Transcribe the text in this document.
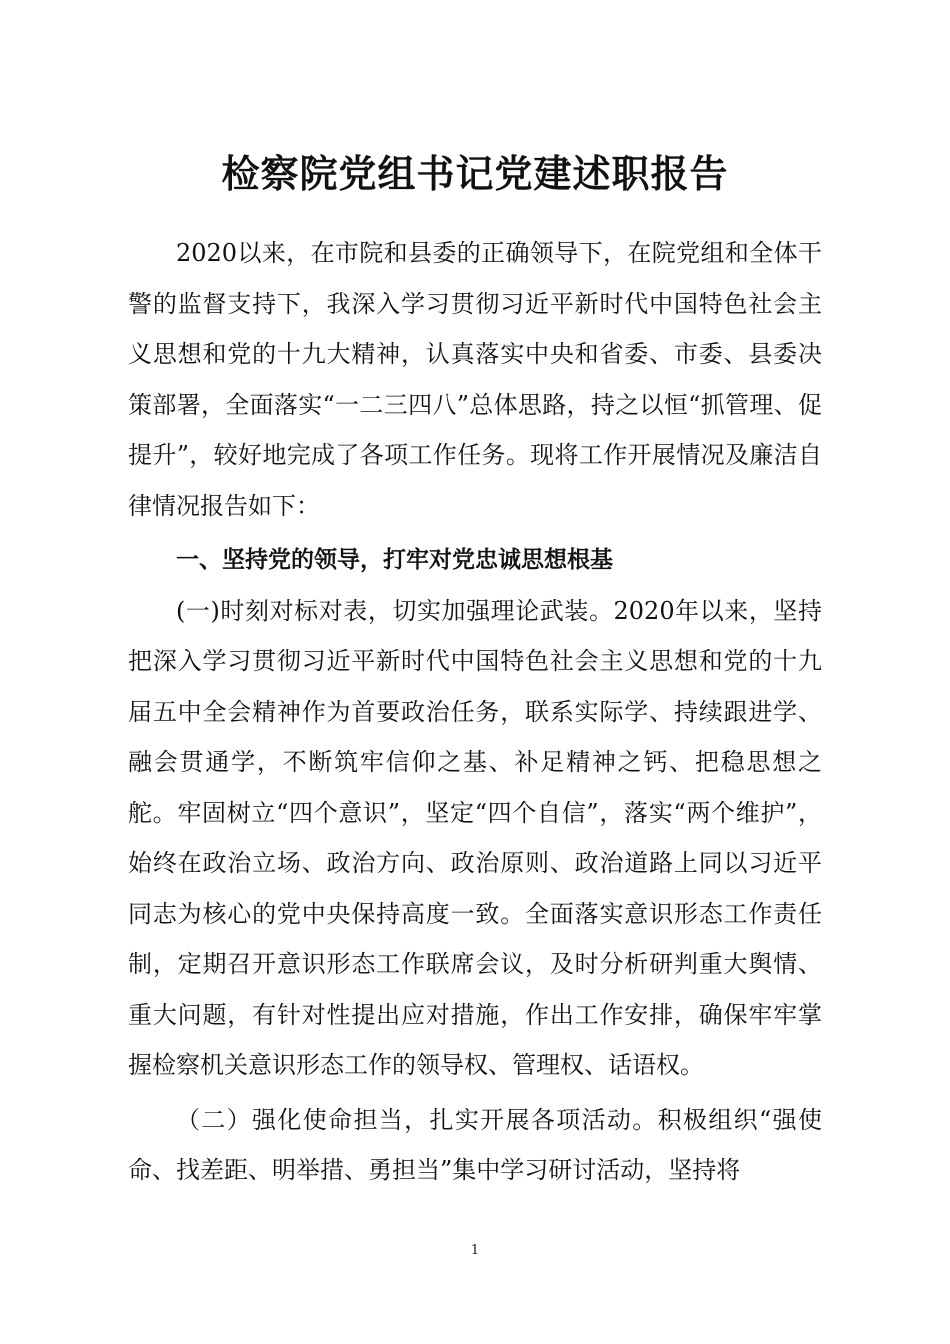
检察院党组书记党建述职报告

2020以来，在市院和县委的正确领导下，在院党组和全体干警的监督支持下，我深入学习贯彻习近平新时代中国特色社会主义思想和党的十九大精神，认真落实中央和省委、市委、县委决策部署，全面落实“一二三四八”总体思路，持之以恒“抓管理、促提升”，较好地完成了各项工作任务。现将工作开展情况及廉洁自律情况报告如下：

一、坚持党的领导，打牢对党忠诚思想根基

(一)时刻对标对表，切实加强理论武装。2020年以来，坚持把深入学习贯彻习近平新时代中国特色社会主义思想和党的十九届五中全会精神作为首要政治任务，联系实际学、持续跟进学、融会贯通学，不断筑牢信仰之基、补足精神之钙、把稳思想之舵。牢固树立“四个意识”，坚定“四个自信”，落实“两个维护”，始终在政治立场、政治方向、政治原则、政治道路上同以习近平同志为核心的党中央保持高度一致。全面落实意识形态工作责任制，定期召开意识形态工作联席会议，及时分析研判重大舆情、重大问题，有针对性提出应对措施，作出工作安排，确保牢牢掌握检察机关意识形态工作的领导权、管理权、话语权。

（二）强化使命担当，扎实开展各项活动。积极组织“强使命、找差距、明举措、勇担当”集中学习研讨活动，坚持将

1
